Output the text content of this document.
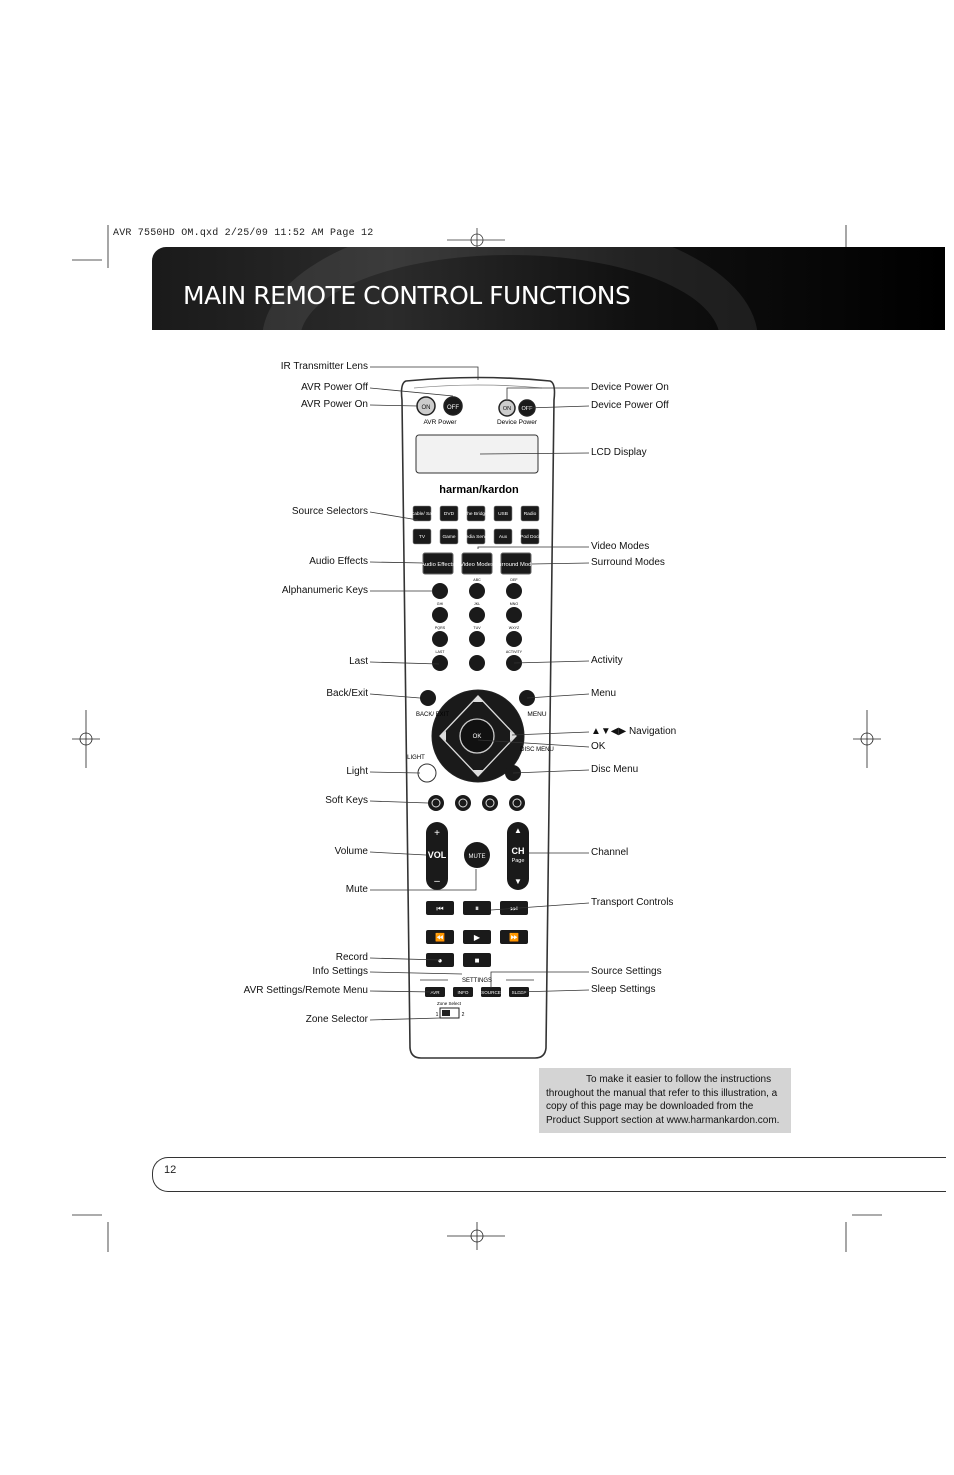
AVR 7550HD OM.qxd 2/25/09 11:52 AM Page 12
MAIN REMOTE CONTROL FUNCTIONS
ON	OFF	ON OFF
AVR Power	Device Power
harman/kardon
Cable/ Sat DVD The Bridge USB	Radio
TV	Game Media Server Aux iPod Dock
Audio Effects Video Modes Surround Modes
ABC	DEF
GHI	JKL	MNO
PQRS	TUV	WXYZ
LAST	ACTIVITY
OK
BACK/ EXIT	MENU
DISC MENU
LIGHT
+
VOL
–
▲
CH
Page
▼
MUTE
⏮	⏸	⏭
⏪	▶	⏩
●	■
SETTINGS
AVR	INFO	SOURCE SLEEP
Zone Select
1	2
IR Transmitter Lens
AVR Power Off
AVR Power On
Source Selectors
Audio Effects
Alphanumeric Keys
Last
Back/Exit
Light
Soft Keys
Volume
Mute
Record
Info Settings
AVR Settings/Remote Menu
Zone Selector
Device Power On
Device Power Off
LCD Display
Video Modes
Surround Modes
Activity
Menu
▲▼◀▶ Navigation
OK
Disc Menu
Channel
Transport Controls
Source Settings
Sleep Settings
To make it easier to follow the instructions throughout the manual that refer to this illustration, a copy of this page may be downloaded from the Product Support section at www.harmankardon.com.
12
